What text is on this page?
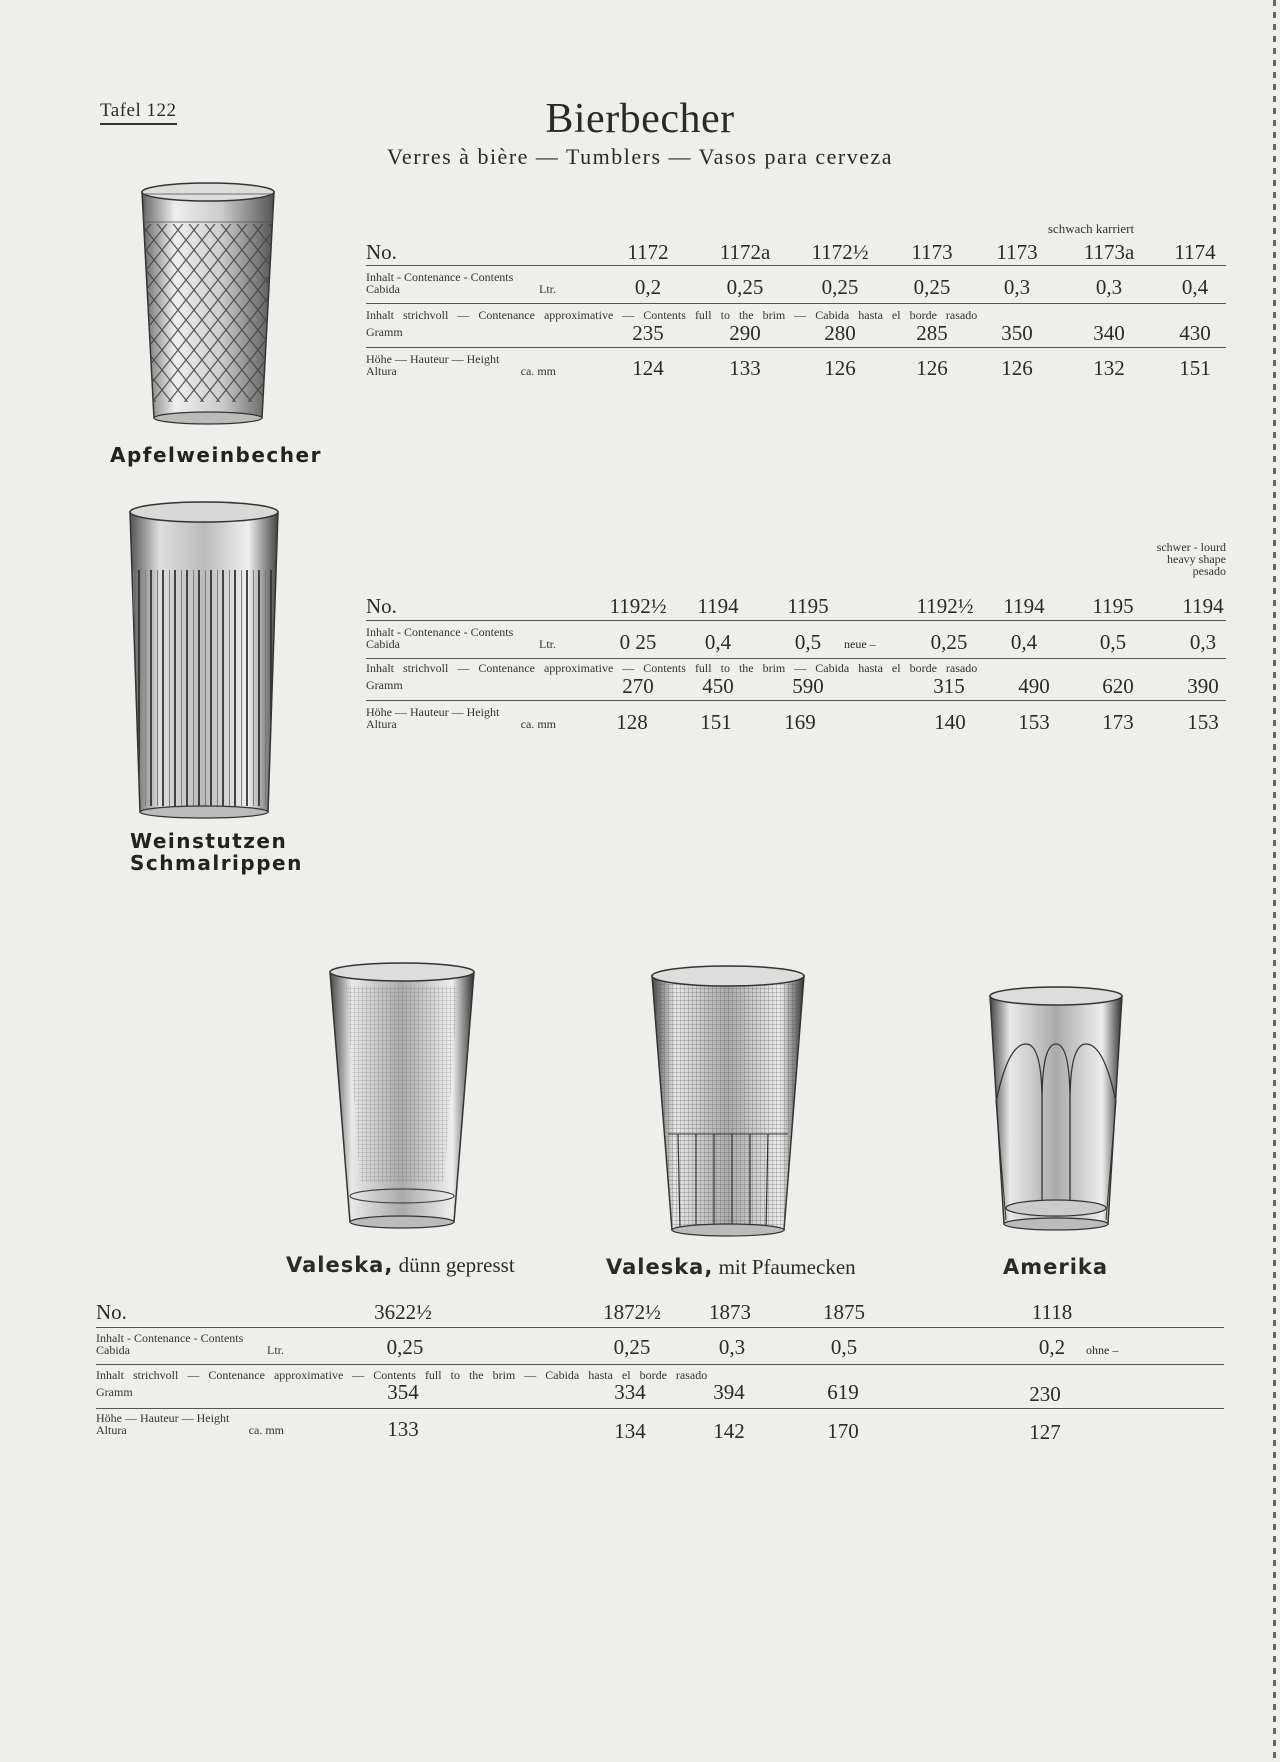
Tafel 122	Bierbecher
Verres à bière — Tumblers — Vasos para cerveza
Apfelweinbecher
schwach karriert
No.	1172 1172a 1172½ 1173 1173 1173a 1174
Inhalt - Contenance - Contents
Cabida	Ltr.	0,2	0,25	0,25	0,25	0,3	0,3	0,4
Inhalt strichvoll — Contenance approximative — Contents full to the brim — Cabida hasta el borde rasado
Gramm	235	290	280	285	350	340	430
Höhe — Hauteur — Height
Altura	ca. mm	124	133	126	126	126	132	151
Weinstutzen
Schmalrippen
schwer - lourd
heavy shape
pesado
No.	1192½ 1194 1195	1192½ 1194 1195 1194
Inhalt - Contenance - Contents
Cabida	Ltr.	0 25 0,4	0,5 neue –	0,25 0,4	0,5	0,3
Inhalt strichvoll — Contenance approximative — Contents full to the brim — Cabida hasta el borde rasado
Gramm	270 450	590	315	490	620	390
Höhe — Hauteur — Height
Altura	ca. mm	128	151	169	140	153	173	153
Valeska, dünn gepresst	Valeska, mit Pfaumecken	Amerika
No.	3622½	1872½ 1873	1875	1118
Inhalt - Contenance - Contents
Cabida	Ltr.	0,25	0,25	0,3	0,5	0,2 ohne –
Inhalt strichvoll — Contenance approximative — Contents full to the brim — Cabida hasta el borde rasado
Gramm	354	334	394	619	230
Höhe — Hauteur — Height
Altura	ca. mm	133	134	142	170	127
